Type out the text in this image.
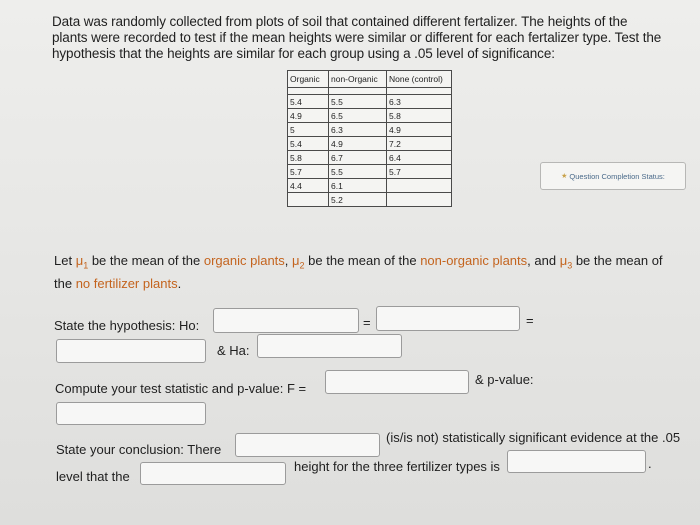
Data was randomly collected from plots of soil that contained different fertalizer. The heights of the plants were recorded to test if the mean heights were similar or different for each fertalizer type. Test the hypothesis that the heights are similar for each group using a .05 level of significance:
Organic	non-Organic	None (control)

5.4	5.5	6.3
4.9	6.5	5.8
5	6.3	4.9
5.4	4.9	7.2
5.8	6.7	6.4
5.7	5.5	5.7
4.4	6.1	
	5.2	
★ Question Completion Status:
Let $\mu_1$ be the mean of the organic plants, $\mu_2$ be the mean of the non-organic plants, and $\mu_3$ be the mean of the no fertilizer plants.
State the hypothesis: Ho:	=	=
& Ha:
Compute your test statistic and p-value: F =
& p-value:
State your conclusion: There
(is/is not) statistically significant evidence at the .05
level that the
height for the three fertilizer types is	.
